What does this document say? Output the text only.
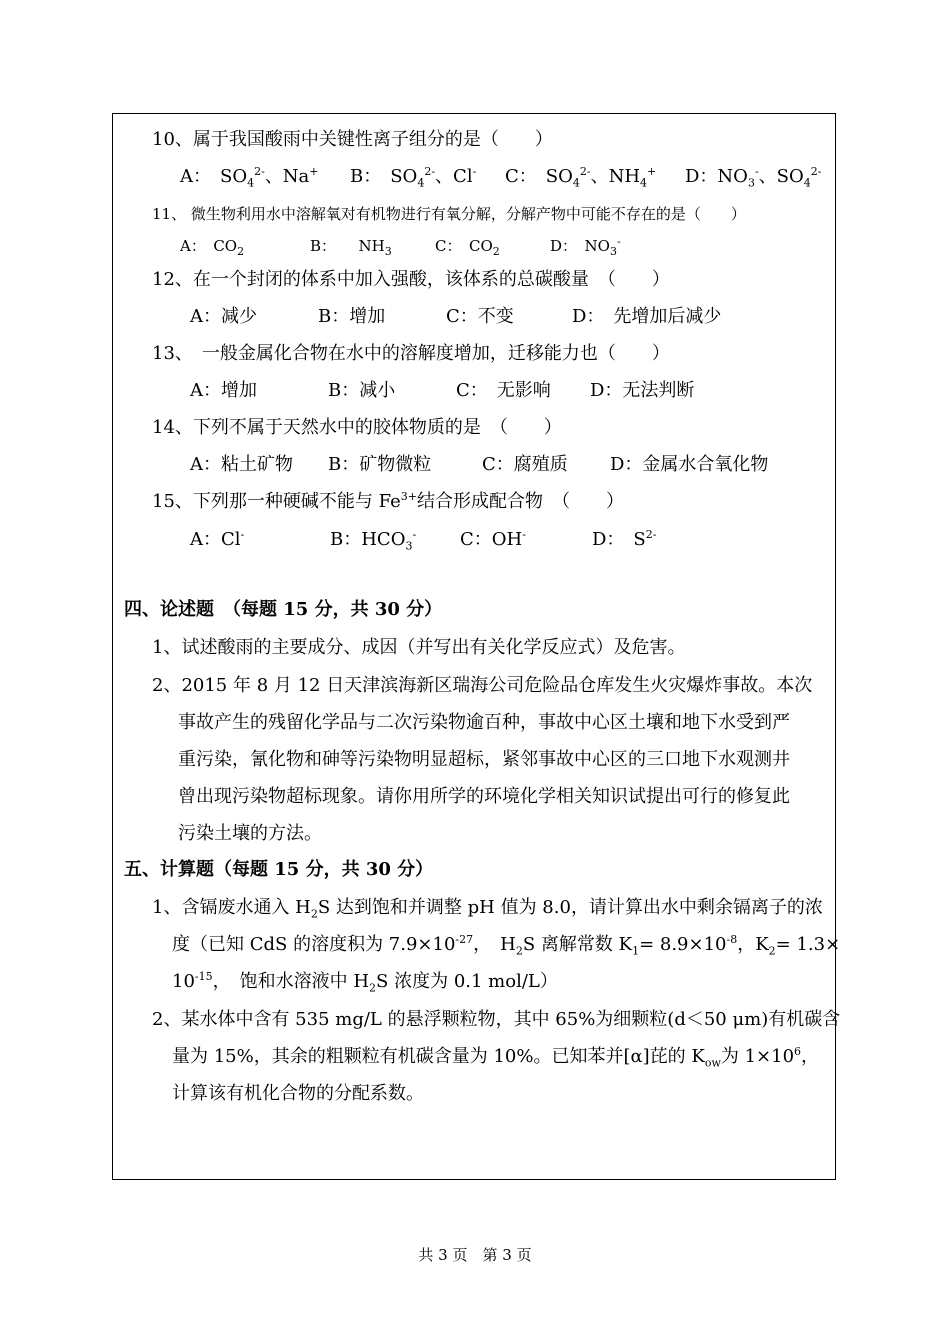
10、属于我国酸雨中关键性离子组分的是（　　）
A：　$SO_4^{2-}$、Na+ B：　$SO_4^{2-}$、Cl- C：　$SO_4^{2-}$、$NH_4^+$ D：$NO_3^-$、$SO_4^{2-}$
11、 微生物利用水中溶解氧对有机物进行有氧分解，分解产物中可能不存在的是（　　）
A：　$CO_2$	B：　　$NH_3$	C：　$CO_2$	D：　$NO_3^-$
12、在一个封闭的体系中加入强酸，该体系的总碳酸量　（　　）
A：减少	B：增加	C：不变	D：　先增加后减少
13、　一般金属化合物在水中的溶解度增加，迁移能力也（　　）
A：增加	B：减小	C：　无影响 D：无法判断
14、下列不属于天然水中的胶体物质的是　（　　）
A：粘土矿物 B：矿物微粒	C：腐殖质 D：金属水合氧化物
15、下列那一种硬碱不能与 $Fe^{3+}$结合形成配合物　（　　）
A：Cl-	B：$HCO_3^-$ C：OH-	D：　$S^{2-}$
四、论述题　（每题 15 分，共 30 分）
1、试述酸雨的主要成分、成因（并写出有关化学反应式）及危害。
2、2015 年 8 月 12 日天津滨海新区瑞海公司危险品仓库发生火灾爆炸事故。本次
事故产生的残留化学品与二次污染物逾百种，事故中心区土壤和地下水受到严
重污染，氰化物和砷等污染物明显超标，紧邻事故中心区的三口地下水观测井
曾出现污染物超标现象。请你用所学的环境化学相关知识试提出可行的修复此
污染土壤的方法。
五、计算题（每题 15 分，共 30 分）
1、含镉废水通入 $H_2S$ 达到饱和并调整 pH 值为 8.0，请计算出水中剩余镉离子的浓
度（已知 CdS 的溶度积为 $7.9\times 10^{-27}$，　$H_2S$ 离解常数 $K_1= 8.9\times 10^{-8}$，$K_2= 1.3\times$
$10^{-15}$，　饱和水溶液中 $H_2S$ 浓度为 0.1 mol/L）
2、某水体中含有 535 mg/L 的悬浮颗粒物，其中 65%为细颗粒(d＜50 μm)有机碳含
量为 15%，其余的粗颗粒有机碳含量为 10%。已知苯并[α]芘的 $K_{ow}$为 $1\times 10^6$，
计算该有机化合物的分配系数。
共 3 页　第 3 页
